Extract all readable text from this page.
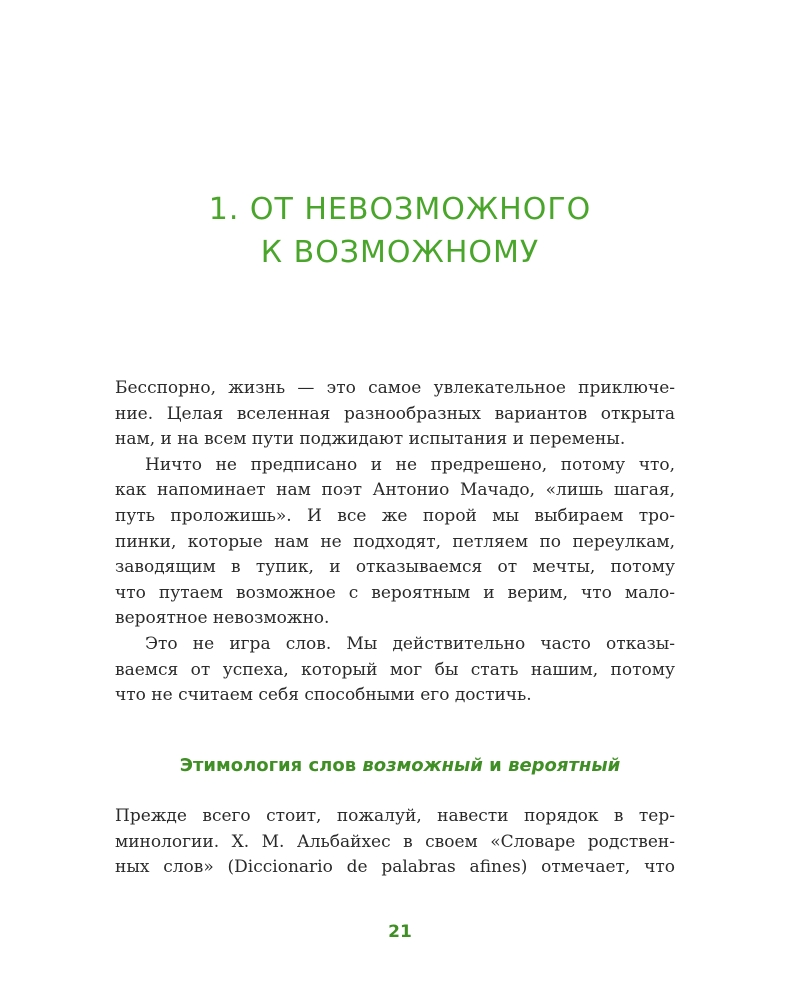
1. ОТ НЕВОЗМОЖНОГО
К ВОЗМОЖНОМУ
Бесспорно, жизнь — это самое увлекательное приключе-
ние. Целая вселенная разнообразных вариантов открыта
нам, и на всем пути поджидают испытания и перемены.
Ничто не предписано и не предрешено, потому что,
как напоминает нам поэт Антонио Мачадо, «лишь шагая,
путь проложишь». И все же порой мы выбираем тро-
пинки, которые нам не подходят, петляем по переулкам,
заводящим в тупик, и отказываемся от мечты, потому
что путаем возможное с вероятным и верим, что мало-
вероятное невозможно.
Это не игра слов. Мы действительно часто отказы-
ваемся от успеха, который мог бы стать нашим, потому
что не считаем себя способными его достичь.
Этимология слов возможный и вероятный
Прежде всего стоит, пожалуй, навести порядок в тер-
минологии. Х. М. Альбайхес в своем «Словаре родствен-
ных слов» (Diccionario de palabras afines) отмечает, что
21
